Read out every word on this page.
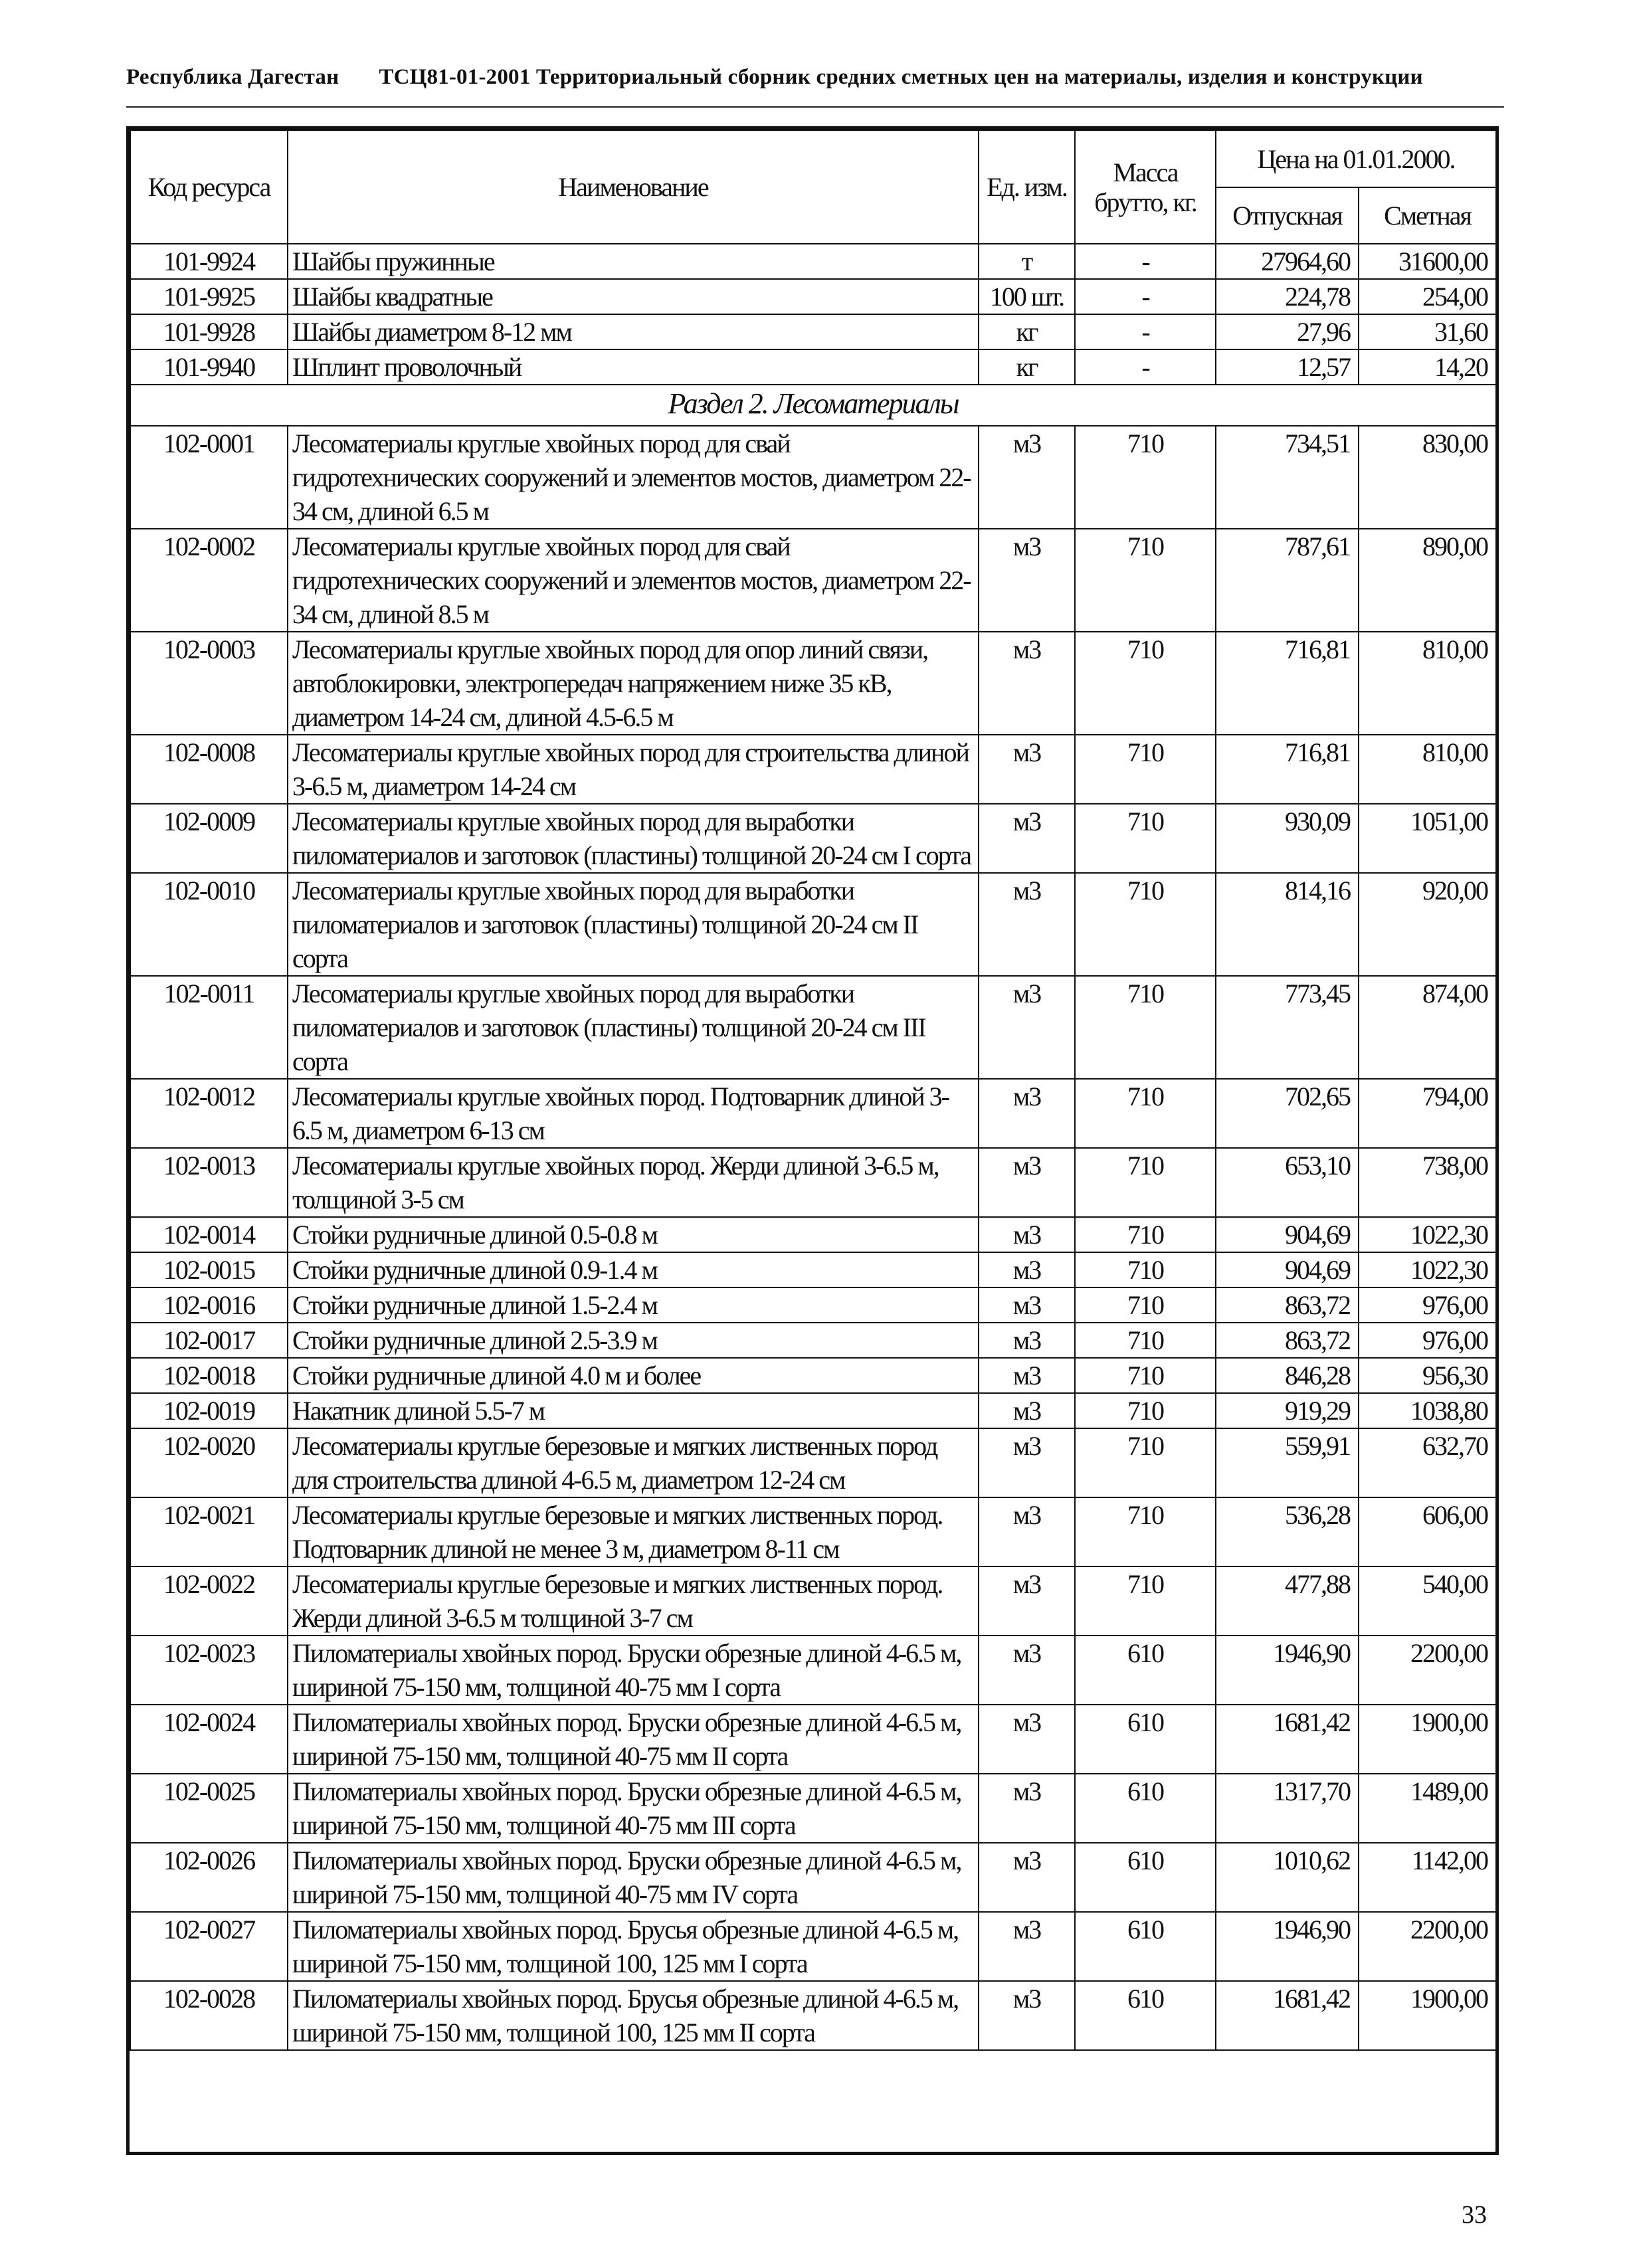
Республика Дагестан ТСЦ81-01-2001 Территориальный сборник средних сметных цен на материалы, изделия и конструкции
Код ресурса	Наименование	Ед. изм.	Масса брутто, кг.	Цена на 01.01.2000.	
				Отпускная	Сметная
101-9924	Шайбы пружинные	т	-	27964,60	31600,00
101-9925	Шайбы квадратные	100 шт.	-	224,78	254,00
101-9928	Шайбы диаметром 8-12 мм	кг	-	27,96	31,60
101-9940	Шплинт проволочный	кг	-	12,57	14,20
Раздел 2. Лесоматериалы					
102-0001	Лесоматериалы круглые хвойных пород для свай гидротехнических сооружений и элементов мостов, диаметром 22-34 см, длиной 6.5 м	м3	710	734,51	830,00
102-0002	Лесоматериалы круглые хвойных пород для свай гидротехнических сооружений и элементов мостов, диаметром 22-34 см, длиной 8.5 м	м3	710	787,61	890,00
102-0003	Лесоматериалы круглые хвойных пород для опор линий связи, автоблокировки, электропередач напряжением ниже 35 кВ, диаметром 14-24 см, длиной 4.5-6.5 м	м3	710	716,81	810,00
102-0008	Лесоматериалы круглые хвойных пород для строительства длиной 3-6.5 м, диаметром 14-24 см	м3	710	716,81	810,00
102-0009	Лесоматериалы круглые хвойных пород для выработки пиломатериалов и заготовок (пластины) толщиной 20-24 см I сорта	м3	710	930,09	1051,00
102-0010	Лесоматериалы круглые хвойных пород для выработки пиломатериалов и заготовок (пластины) толщиной 20-24 см II сорта	м3	710	814,16	920,00
102-0011	Лесоматериалы круглые хвойных пород для выработки пиломатериалов и заготовок (пластины) толщиной 20-24 см III сорта	м3	710	773,45	874,00
102-0012	Лесоматериалы круглые хвойных пород. Подтоварник длиной 3-6.5 м, диаметром 6-13 см	м3	710	702,65	794,00
102-0013	Лесоматериалы круглые хвойных пород. Жерди длиной 3-6.5 м, толщиной 3-5 см	м3	710	653,10	738,00
102-0014	Стойки рудничные длиной 0.5-0.8 м	м3	710	904,69	1022,30
102-0015	Стойки рудничные длиной 0.9-1.4 м	м3	710	904,69	1022,30
102-0016	Стойки рудничные длиной 1.5-2.4 м	м3	710	863,72	976,00
102-0017	Стойки рудничные длиной 2.5-3.9 м	м3	710	863,72	976,00
102-0018	Стойки рудничные длиной 4.0 м и более	м3	710	846,28	956,30
102-0019	Накатник длиной 5.5-7 м	м3	710	919,29	1038,80
102-0020	Лесоматериалы круглые березовые и мягких лиственных пород для строительства длиной 4-6.5 м, диаметром 12-24 см	м3	710	559,91	632,70
102-0021	Лесоматериалы круглые березовые и мягких лиственных пород. Подтоварник длиной не менее 3 м, диаметром 8-11 см	м3	710	536,28	606,00
102-0022	Лесоматериалы круглые березовые и мягких лиственных пород. Жерди длиной 3-6.5 м толщиной 3-7 см	м3	710	477,88	540,00
102-0023	Пиломатериалы хвойных пород. Бруски обрезные длиной 4-6.5 м, шириной 75-150 мм, толщиной 40-75 мм I сорта	м3	610	1946,90	2200,00
102-0024	Пиломатериалы хвойных пород. Бруски обрезные длиной 4-6.5 м, шириной 75-150 мм, толщиной 40-75 мм II сорта	м3	610	1681,42	1900,00
102-0025	Пиломатериалы хвойных пород. Бруски обрезные длиной 4-6.5 м, шириной 75-150 мм, толщиной 40-75 мм III сорта	м3	610	1317,70	1489,00
102-0026	Пиломатериалы хвойных пород. Бруски обрезные длиной 4-6.5 м, шириной 75-150 мм, толщиной 40-75 мм IV сорта	м3	610	1010,62	1142,00
102-0027	Пиломатериалы хвойных пород. Брусья обрезные длиной 4-6.5 м, шириной 75-150 мм, толщиной 100, 125 мм I сорта	м3	610	1946,90	2200,00
102-0028	Пиломатериалы хвойных пород. Брусья обрезные длиной 4-6.5 м, шириной 75-150 мм, толщиной 100, 125 мм II сорта	м3	610	1681,42	1900,00
33
